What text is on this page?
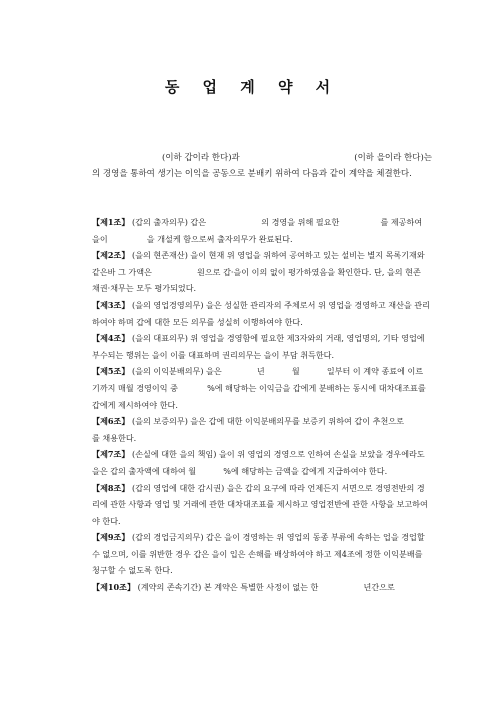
동 업 계 약 서
(이하 갑이라 한다)과	(이하 을이라 한다)는
의 경영을 통하여 생기는 이익을 공동으로 분배키 위하여 다음과 같이 계약을 체결한다.

【제1조】 (갑의 출자의무) 갑은	의 경영을 위해 필요한	를 제공하여 을이	을 개설케 함으로써 출자의무가 완료된다.

【제2조】 (을의 현존재산) 을이 현재 위 영업을 위하여 공여하고 있는 설비는 별지 목록기재와 같은바 그 가액은	원으로 갑·을이 이의 없이 평가하였음을 확인한다. 단, 을의 현존 채권·채무는 모두 평가되었다.

【제3조】 (을의 영업경영의무) 을은 성실한 관리자의 주체로서 위 영업을 경영하고 재산을 관리하여야 하며 갑에 대한 모든 의무를 성실히 이행하여야 한다.

【제4조】 (을의 대표의무) 위 영업을 경영함에 필요한 제3자와의 거래, 영업명의, 기타 영업에 부수되는 행위는 을이 이를 대표하며 권리의무는 을이 부담 취득한다.

【제5조】 (을의 이익분배의무) 을은	년	월	일부터 이 계약 종료에 이르기까지 매월 경영이익 중	%에 해당하는 이익금을 갑에게 분배하는 동시에 대차대조표를 갑에게 제시하여야 한다.

【제6조】 (을의 보증의무) 을은 갑에 대한 이익분배의무를 보증키 위하여 갑이 추천으로  를 채용한다.

【제7조】 (손실에 대한 을의 책임) 을이 위 영업의 경영으로 인하여 손실을 보았을 경우에라도 을은 갑의 출자액에 대하여 월	%에 해당하는 금액을 갑에게 지급하여야 한다.

【제8조】 (갑의 영업에 대한 감시권) 을은 갑의 요구에 따라 언제든지 서면으로 경영전반의 경리에 관한 사항과 영업 및 거래에 관한 대차대조표를 제시하고 영업전반에 관한 사항을 보고하여야 한다.

【제9조】 (갑의 경업금지의무) 갑은 을이 경영하는 위 영업의 동종 부류에 속하는 업을 경업할 수 없으며, 이를 위반한 경우 갑은 을이 입은 손해를 배상하여야 하고 제4조에 정한 이익분배를 청구할 수 없도록 한다.

【제10조】 (계약의 존속기간) 본 계약은 특별한 사정이 없는 한	년간으로
